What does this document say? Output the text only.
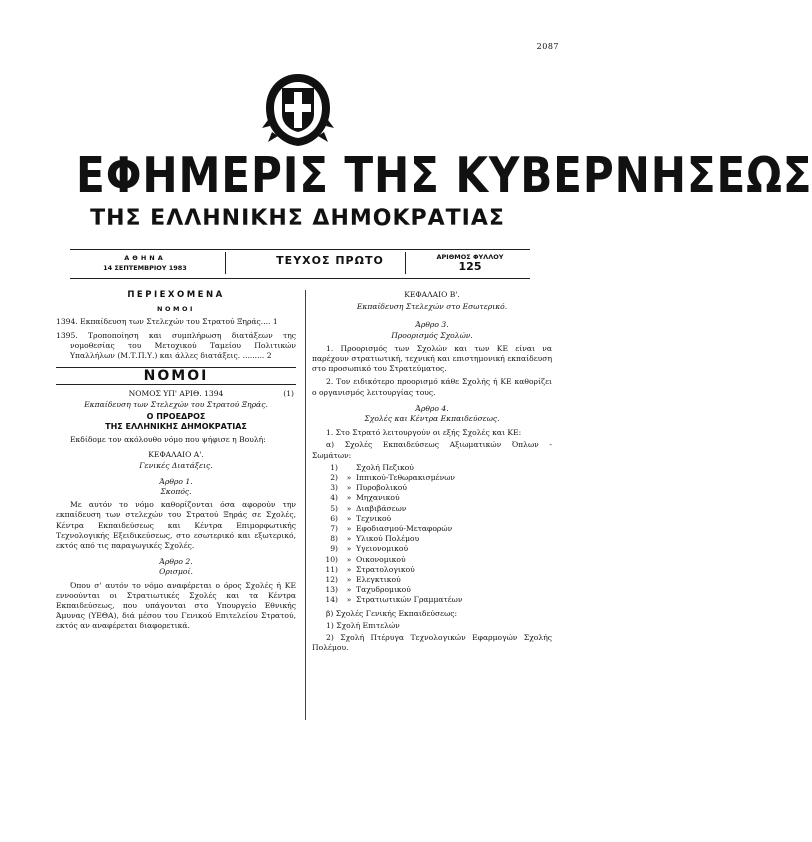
2087
ΕΦΗΜΕΡΙΣ ΤΗΣ ΚΥΒΕΡΝΗΣΕΩΣ
ΤΗΣ ΕΛΛΗΝΙΚΗΣ ΔΗΜΟΚΡΑΤΙΑΣ
ΑΘΗΝΑ
14 ΣΕΠΤΕΜΒΡΙΟΥ 1983
ΤΕΥΧΟΣ ΠΡΩΤΟ	ΑΡΙΘΜΟΣ ΦΥΛΛΟΥ
125
ΠΕΡΙΕΧΟΜΕΝΑ
ΝΟΜΟΙ
1394. Εκπαίδευση των Στελεχών του Στρατού Ξηράς.... 1
1395. Τροποποίηση και συμπλήρωση διατάξεων της νομοθεσίας του Μετοχικού Ταμείου Πολιτικών Υπαλλήλων (Μ.Τ.Π.Υ.) και άλλες διατάξεις. ......... 2
ΝΟΜΟΙ
ΝΟΜΟΣ ΥΠ' ΑΡΙΘ. 1394	(1)
Εκπαίδευση των Στελεχών του Στρατού Ξηράς.
Ο ΠΡΟΕΔΡΟΣ
ΤΗΣ ΕΛΛΗΝΙΚΗΣ ΔΗΜΟΚΡΑΤΙΑΣ
Εκδίδομε τον ακόλουθο νόμο που ψήφισε η Βουλή:
ΚΕΦΑΛΑΙΟ Α'.
Γενικές Διατάξεις.
Άρθρο 1.
Σκοπός.
Με αυτόν το νόμο καθορίζονται όσα αφορούν την εκπαίδευση των στελεχών του Στρατού Ξηράς σε Σχολές, Κέντρα Εκπαιδεύσεως και Κέντρα Επιμορφωτικής Τεχνολογικής Εξειδικεύσεως, στο εσωτερικό και εξωτερικό, εκτός από τις παραγωγικές Σχολές.
Άρθρο 2.
Ορισμοί.
Όπου σ' αυτόν το νόμο αναφέρεται ο όρος Σχολές ή ΚΕ εννοούνται οι Στρατιωτικές Σχολές και τα Κέντρα Εκπαιδεύσεως, που υπάγονται στο Υπουργείο Εθνικής Άμυνας (ΥΕΘΑ), διά μέσου του Γενικού Επιτελείου Στρατού, εκτός αν αναφέρεται διαφορετικά.
ΚΕΦΑΛΑΙΟ Β'.
Εκπαίδευση Στελεχών στο Εσωτερικό.
Άρθρο 3.
Προορισμός Σχολών.
1. Προορισμός των Σχολών και των ΚΕ είναι να παρέχουν στρατιωτική, τεχνική και επιστημονική εκπαίδευση στο προσωπικό του Στρατεύματος.
2. Τον ειδικότερο προορισμό κάθε Σχολής ή ΚΕ καθορίζει ο οργανισμός λειτουργίας τους.
Άρθρο 4.
Σχολές και Κέντρα Εκπαιδεύσεως.
1. Στο Στρατό λειτουργούν οι εξής Σχολές και ΚΕ:
α) Σχολές Εκπαιδεύσεως Αξιωματικών Όπλων - Σωμάτων:
1)	Σχολή Πεζικού
2)	» Ιππικού-Τεθωρακισμένων
3)	» Πυροβολικού
4)	» Μηχανικού
5)	» Διαβιβάσεων
6)	» Τεχνικού
7)	» Εφοδιασμού-Μεταφορών
8)	» Υλικού Πολέμου
9)	» Υγειονομικού
10)	» Οικονομικού
11)	» Στρατολογικού
12)	» Ελεγκτικού
13)	» Ταχυδρομικού
14)	» Στρατιωτικών Γραμματέων
β) Σχολές Γενικής Εκπαιδεύσεως:
1) Σχολή Επιτελών
2) Σχολή Πτέρυγα Τεχνολογικών Εφαρμογών Σχολής Πολέμου.
